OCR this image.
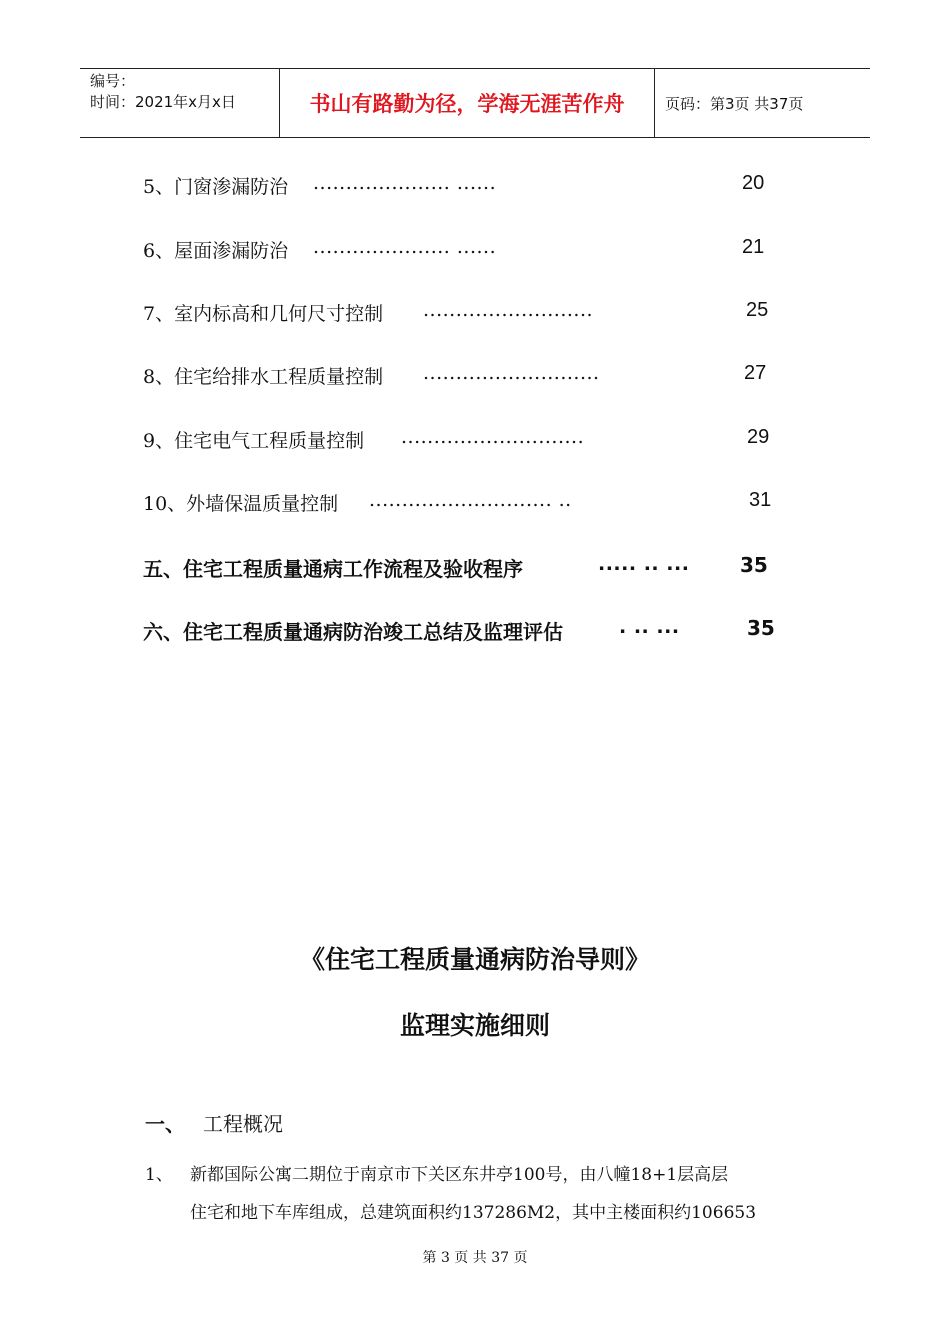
编号：
时间：2021年x月x日	书山有路勤为径，学海无涯苦作舟	页码：第3页 共37页
5、门窗渗漏防治 ..................... ......	20
6、屋面渗漏防治 ..................... ......	21
7、室内标高和几何尺寸控制 ..........................	25
8、住宅给排水工程质量控制 ...........................	27
9、住宅电气工程质量控制 ............................	29
10、外墙保温质量控制 ............................ ..	31
五、住宅工程质量通病工作流程及验收程序	..... .. ...	35
六、住宅工程质量通病防治竣工总结及监理评估	. .. ...	35
《住宅工程质量通病防治导则》
监理实施细则
一、 工程概况
1、 新都国际公寓二期位于南京市下关区东井亭100号，由八幢18+1层高层
住宅和地下车库组成，总建筑面积约137286M2，其中主楼面积约106653
第 3 页 共 37 页
